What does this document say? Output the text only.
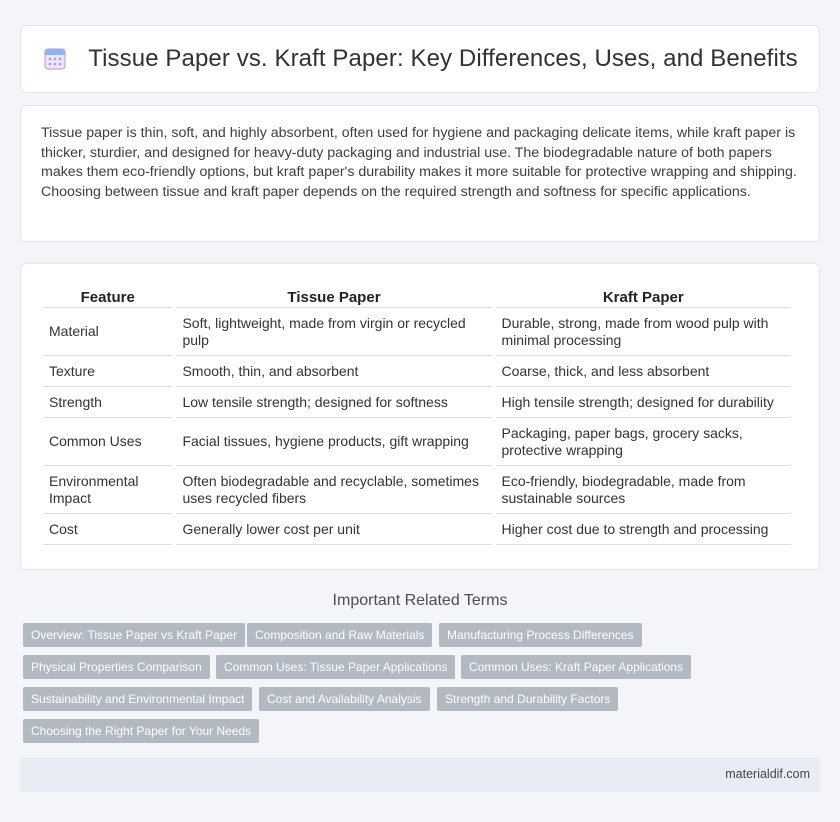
Tissue Paper vs. Kraft Paper: Key Differences, Uses, and Benefits

Tissue paper is thin, soft, and highly absorbent, often used for hygiene and packaging delicate items, while kraft paper is thicker, sturdier, and designed for heavy-duty packaging and industrial use. The biodegradable nature of both papers makes them eco-friendly options, but kraft paper's durability makes it more suitable for protective wrapping and shipping. Choosing between tissue and kraft paper depends on the required strength and softness for specific applications.

Feature	Tissue Paper	Kraft Paper
Material	Soft, lightweight, made from virgin or recycled pulp	Durable, strong, made from wood pulp with minimal processing
Texture	Smooth, thin, and absorbent	Coarse, thick, and less absorbent
Strength	Low tensile strength; designed for softness	High tensile strength; designed for durability
Common Uses	Facial tissues, hygiene products, gift wrapping	Packaging, paper bags, grocery sacks, protective wrapping
Environmental Impact	Often biodegradable and recyclable, sometimes uses recycled fibers	Eco-friendly, biodegradable, made from sustainable sources
Cost	Generally lower cost per unit	Higher cost due to strength and processing
Important Related Terms
Overview: Tissue Paper vs Kraft Paper	Composition and Raw Materials	Manufacturing Process Differences
Physical Properties Comparison	Common Uses: Tissue Paper Applications	Common Uses: Kraft Paper Applications
Sustainability and Environmental Impact	Cost and Availability Analysis	Strength and Durability Factors
Choosing the Right Paper for Your Needs
materialdif.com
